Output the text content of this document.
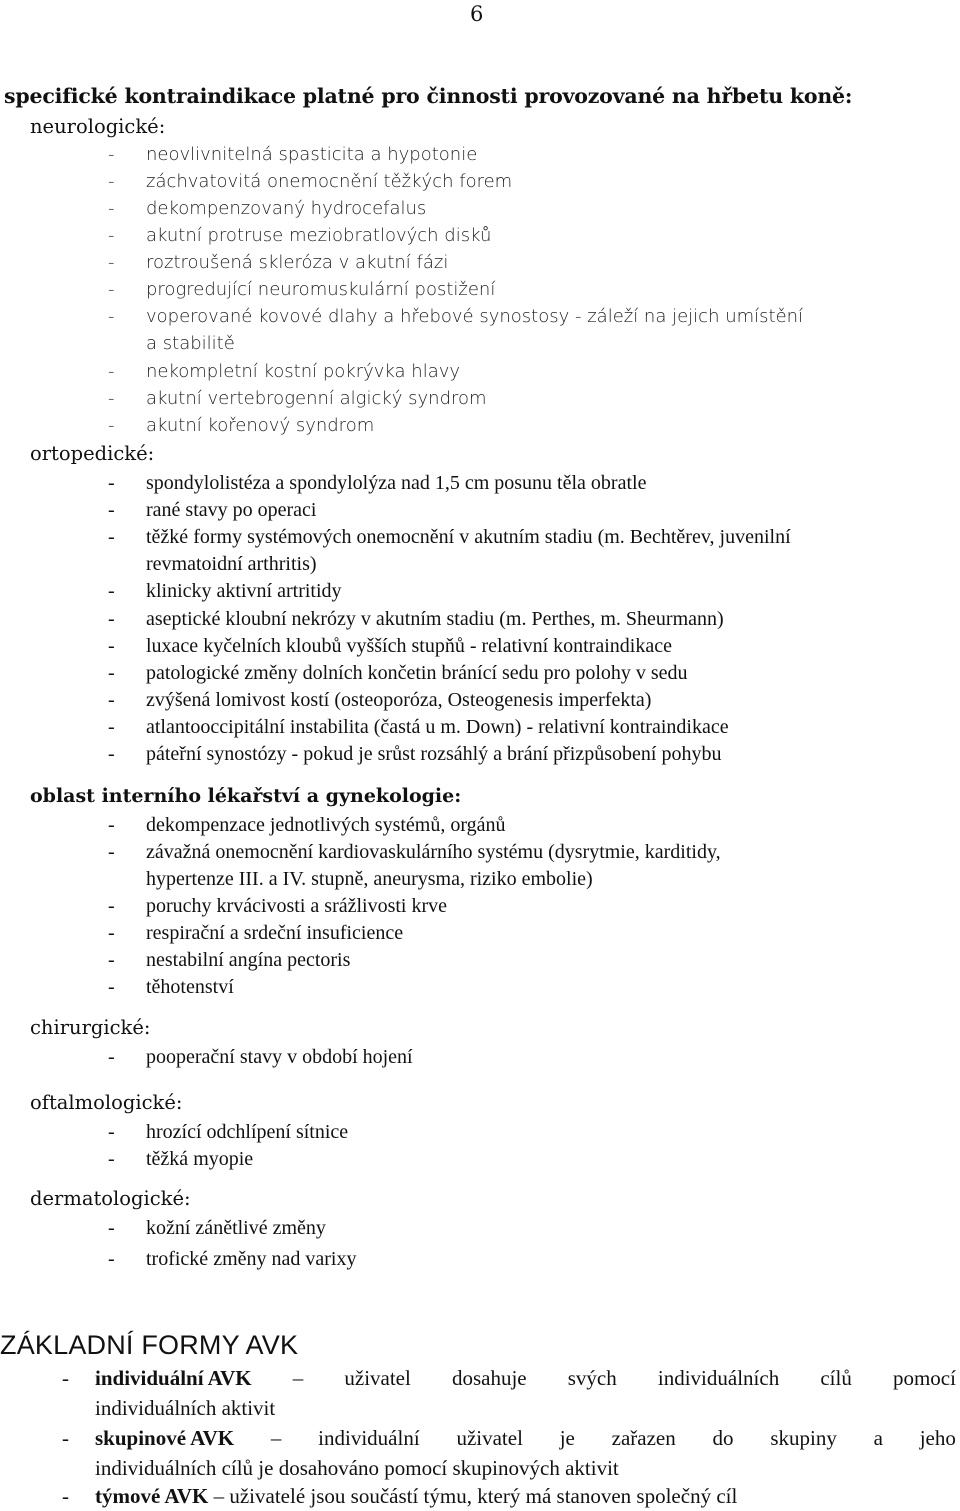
6
specifické kontraindikace platné pro činnosti provozované na hřbetu koně:
neurologické:
- neovlivnitelná spasticita a hypotonie
- záchvatovitá onemocnění těžkých forem
- dekompenzovaný hydrocefalus
- akutní protruse meziobratlových disků
- roztroušená skleróza v akutní fázi
- progredující neuromuskulární postižení
- voperované kovové dlahy a hřebové synostosy - záleží na jejich umístění
a stabilitě
- nekompletní kostní pokrývka hlavy
- akutní vertebrogenní algický syndrom
- akutní kořenový syndrom
ortopedické:
- spondylolistéza a spondylolýza nad 1,5 cm posunu těla obratle
- rané stavy po operaci
- těžké formy systémových onemocnění v akutním stadiu (m. Bechtěrev, juvenilní
revmatoidní arthritis)
- klinicky aktivní artritidy
- aseptické kloubní nekrózy v akutním stadiu (m. Perthes, m. Sheurmann)
- luxace kyčelních kloubů vyšších stupňů - relativní kontraindikace
- patologické změny dolních končetin bránící sedu pro polohy v sedu
- zvýšená lomivost kostí (osteoporóza, Osteogenesis imperfekta)
- atlantooccipitální instabilita (častá u m. Down) - relativní kontraindikace
- páteřní synostózy - pokud je srůst rozsáhlý a brání přizpůsobení pohybu
oblast interního lékařství a gynekologie:
- dekompenzace jednotlivých systémů, orgánů
- závažná onemocnění kardiovaskulárního systému (dysrytmie, karditidy,
hypertenze III. a IV. stupně, aneurysma, riziko embolie)
- poruchy krvácivosti a srážlivosti krve
- respirační a srdeční insuficience
- nestabilní angína pectoris
- těhotenství
chirurgické:
- pooperační stavy v období hojení
oftalmologické:
- hrozící odchlípení sítnice
- těžká myopie
dermatologické:
- kožní zánětlivé změny
- trofické změny nad varixy
ZÁKLADNÍ FORMY AVK
- individuální AVK – uživatel dosahuje svých individuálních cílů pomocí
individuálních aktivit
- skupinové AVK – individuální uživatel je zařazen do skupiny a jeho
individuálních cílů je dosahováno pomocí skupinových aktivit
- týmové AVK – uživatelé jsou součástí týmu, který má stanoven společný cíl
